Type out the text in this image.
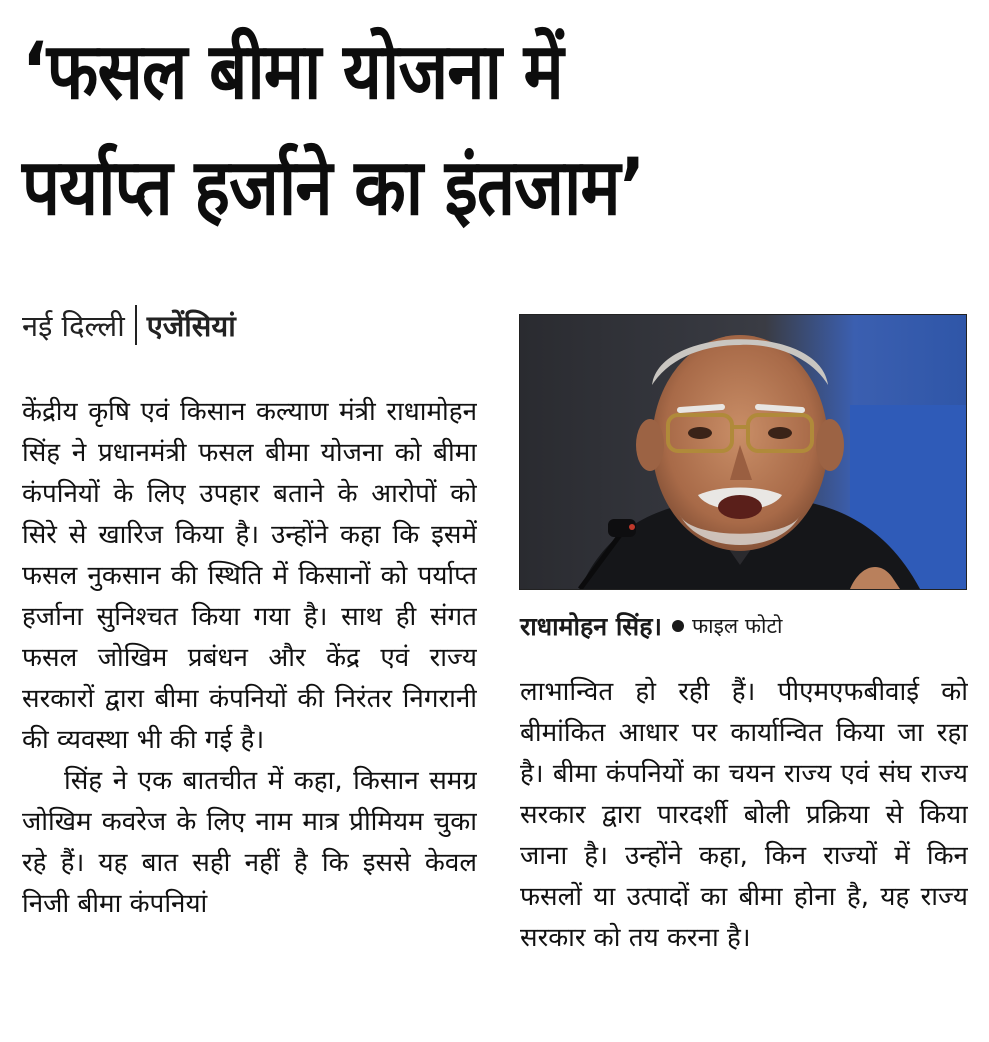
‘फसल बीमा योजना में
पर्याप्त हर्जाने का इंतजाम’
नई दिल्ली एजेंसियां

केंद्रीय कृषि एवं किसान कल्याण मंत्री राधामोहन सिंह ने प्रधानमंत्री फसल बीमा योजना को बीमा कंपनियों के लिए उपहार बताने के आरोपों को सिरे से खारिज किया है। उन्होंने कहा कि इसमें फसल नुकसान की स्थिति में किसानों को पर्याप्त हर्जाना सुनिश्चत किया गया है। साथ ही संगत फसल जोखिम प्रबंधन और केंद्र एवं राज्य सरकारों द्वारा बीमा कंपनियों की निरंतर निगरानी की व्यवस्था भी की गई है।

सिंह ने एक बातचीत में कहा, किसान समग्र जोखिम कवरेज के लिए नाम मात्र प्रीमियम चुका रहे हैं। यह बात सही नहीं है कि इससे केवल निजी बीमा कंपनियां

राधामोहन सिंह। फाइल फोटो

लाभान्वित हो रही हैं। पीएमएफबीवाई को बीमांकित आधार पर कार्यान्वित किया जा रहा है। बीमा कंपनियों का चयन राज्य एवं संघ राज्य सरकार द्वारा पारदर्शी बोली प्रक्रिया से किया जाना है। उन्होंने कहा, किन राज्यों में किन फसलों या उत्पादों का बीमा होना है, यह राज्य सरकार को तय करना है।
